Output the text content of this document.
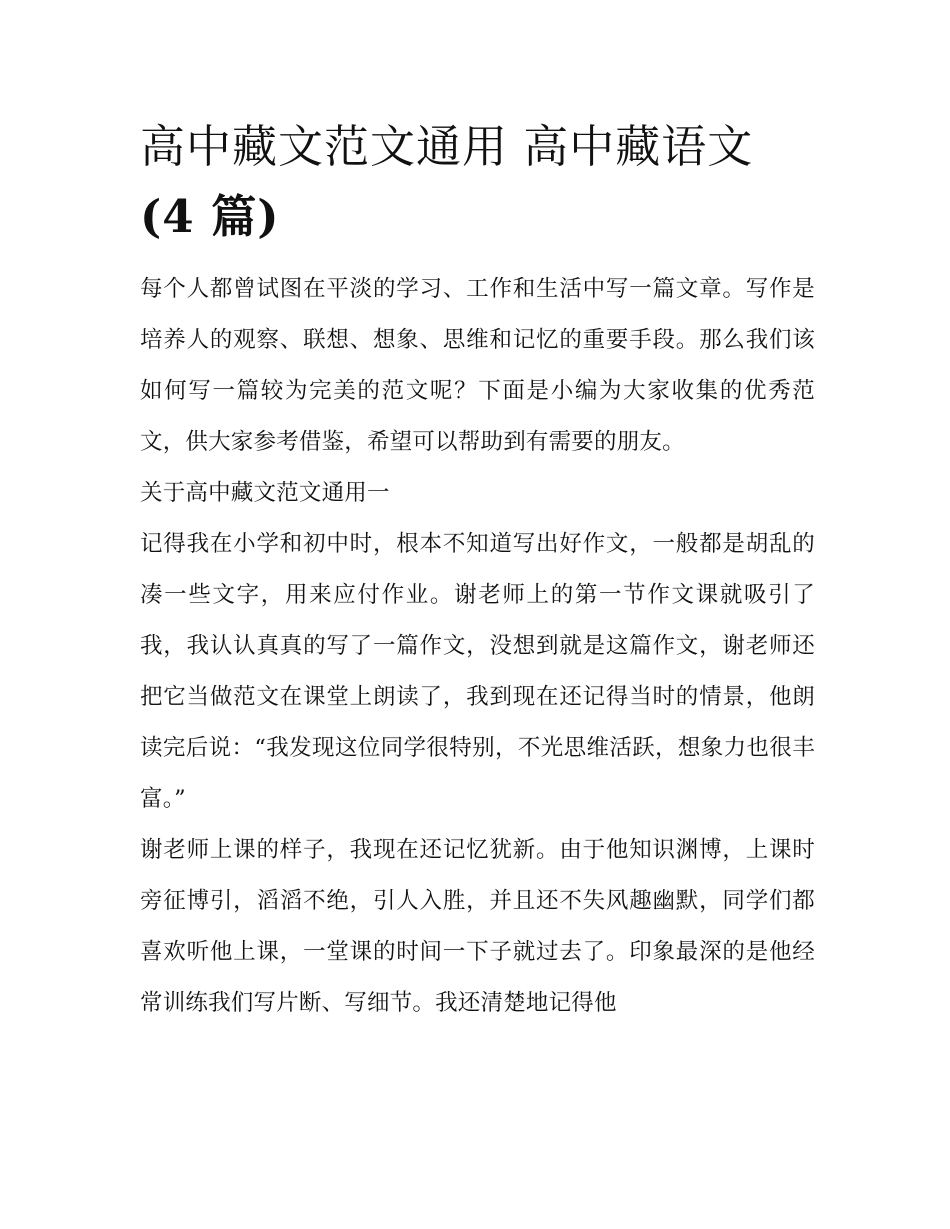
高中藏文范文通用 高中藏语文
(4 篇)

每个人都曾试图在平淡的学习、工作和生活中写一篇文章。写作是培养人的观察、联想、想象、思维和记忆的重要手段。那么我们该如何写一篇较为完美的范文呢？下面是小编为大家收集的优秀范文，供大家参考借鉴，希望可以帮助到有需要的朋友。

关于高中藏文范文通用一

记得我在小学和初中时，根本不知道写出好作文，一般都是胡乱的凑一些文字，用来应付作业。谢老师上的第一节作文课就吸引了我，我认认真真的写了一篇作文，没想到就是这篇作文，谢老师还把它当做范文在课堂上朗读了，我到现在还记得当时的情景，他朗读完后说：“我发现这位同学很特别，不光思维活跃，想象力也很丰富。”

谢老师上课的样子，我现在还记忆犹新。由于他知识渊博，上课时旁征博引，滔滔不绝，引人入胜，并且还不失风趣幽默，同学们都喜欢听他上课，一堂课的时间一下子就过去了。印象最深的是他经常训练我们写片断、写细节。我还清楚地记得他
